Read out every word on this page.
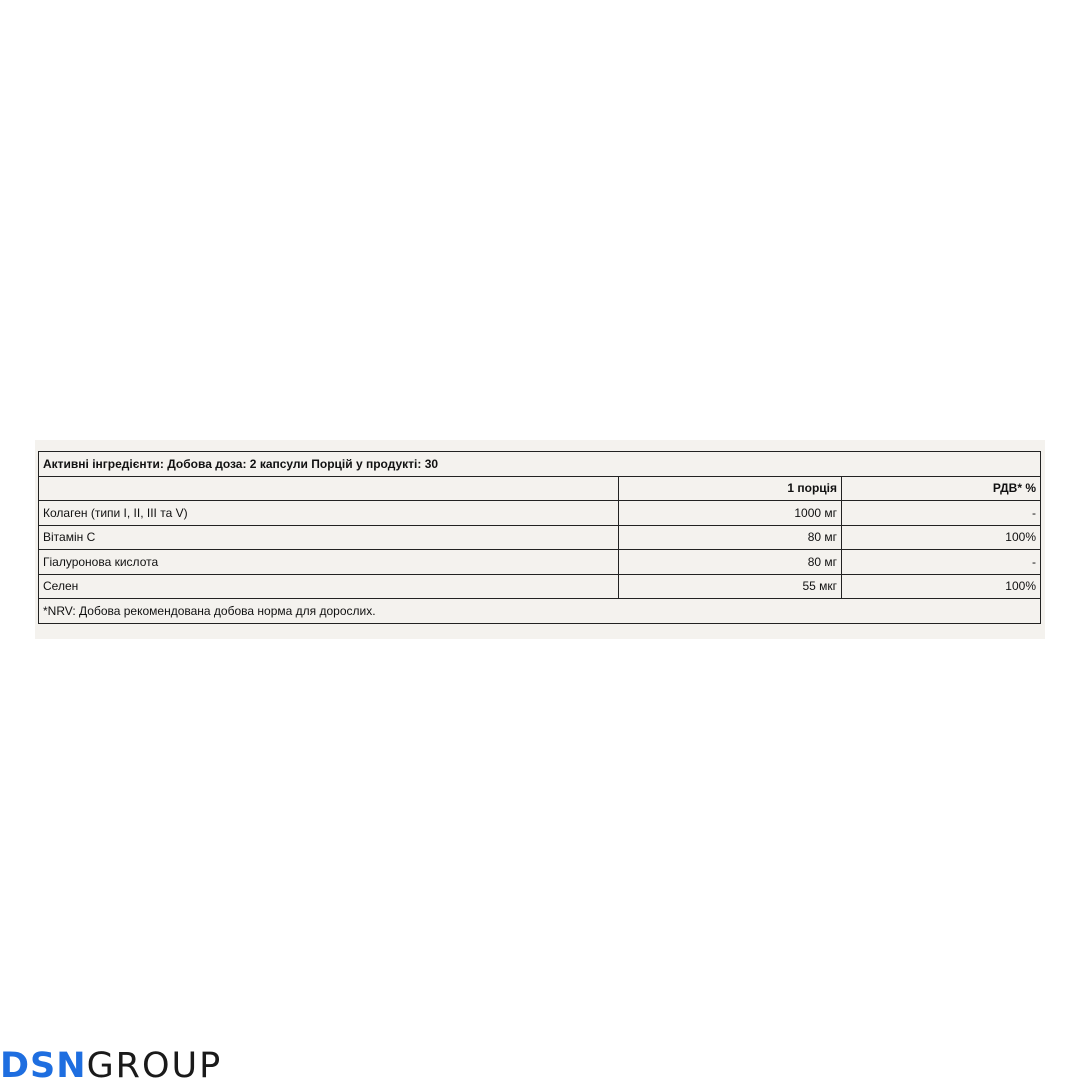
Активні інгредієнти: Добова доза: 2 капсули Порцій у продукті: 30		
	1 порція	РДВ* %
Колаген (типи I, II, III та V)	1000 мг	-
Вітамін С	80 мг	100%
Гіалуронова кислота	80 мг	-
Селен	55 мкг	100%
*NRV: Добова рекомендована добова норма для дорослих.		
DSN GROUP
